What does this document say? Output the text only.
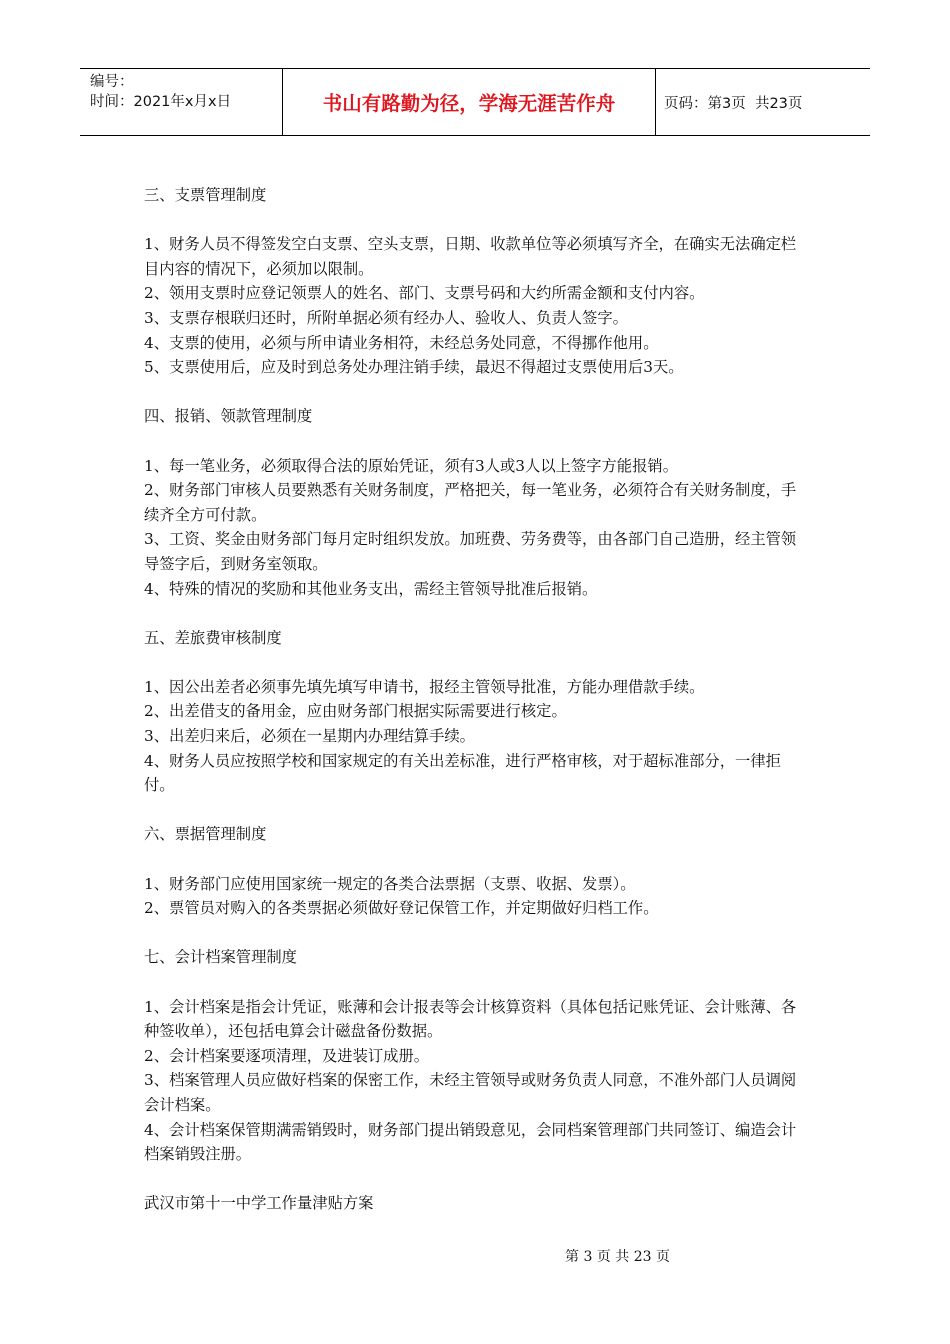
编号：
时间：2021年x月x日	书山有路勤为径，学海无涯苦作舟	页码：第3页  共23页

三、支票管理制度

1、财务人员不得签发空白支票、空头支票，日期、收款单位等必须填写齐全，在确实无法确定栏目内容的情况下，必须加以限制。

2、领用支票时应登记领票人的姓名、部门、支票号码和大约所需金额和支付内容。

3、支票存根联归还时，所附单据必须有经办人、验收人、负责人签字。

4、支票的使用，必须与所申请业务相符，未经总务处同意，不得挪作他用。

5、支票使用后，应及时到总务处办理注销手续，最迟不得超过支票使用后3天。

四、报销、领款管理制度

1、每一笔业务，必须取得合法的原始凭证，须有3人或3人以上签字方能报销。

2、财务部门审核人员要熟悉有关财务制度，严格把关，每一笔业务，必须符合有关财务制度，手续齐全方可付款。

3、工资、奖金由财务部门每月定时组织发放。加班费、劳务费等，由各部门自己造册，经主管领导签字后，到财务室领取。

4、特殊的情况的奖励和其他业务支出，需经主管领导批准后报销。

五、差旅费审核制度

1、因公出差者必须事先填先填写申请书，报经主管领导批准，方能办理借款手续。

2、出差借支的备用金，应由财务部门根据实际需要进行核定。

3、出差归来后，必须在一星期内办理结算手续。

4、财务人员应按照学校和国家规定的有关出差标准，进行严格审核，对于超标准部分，一律拒付。

六、票据管理制度

1、财务部门应使用国家统一规定的各类合法票据（支票、收据、发票）。

2、票管员对购入的各类票据必须做好登记保管工作，并定期做好归档工作。

七、会计档案管理制度

1、会计档案是指会计凭证，账薄和会计报表等会计核算资料（具体包括记账凭证、会计账薄、各种签收单），还包括电算会计磁盘备份数据。

2、会计档案要逐项清理，及进装订成册。

3、档案管理人员应做好档案的保密工作，未经主管领导或财务负责人同意，不准外部门人员调阅会计档案。

4、会计档案保管期满需销毁时，财务部门提出销毁意见，会同档案管理部门共同签订、编造会计档案销毁注册。

武汉市第十一中学工作量津贴方案

第 3 页 共 23 页
